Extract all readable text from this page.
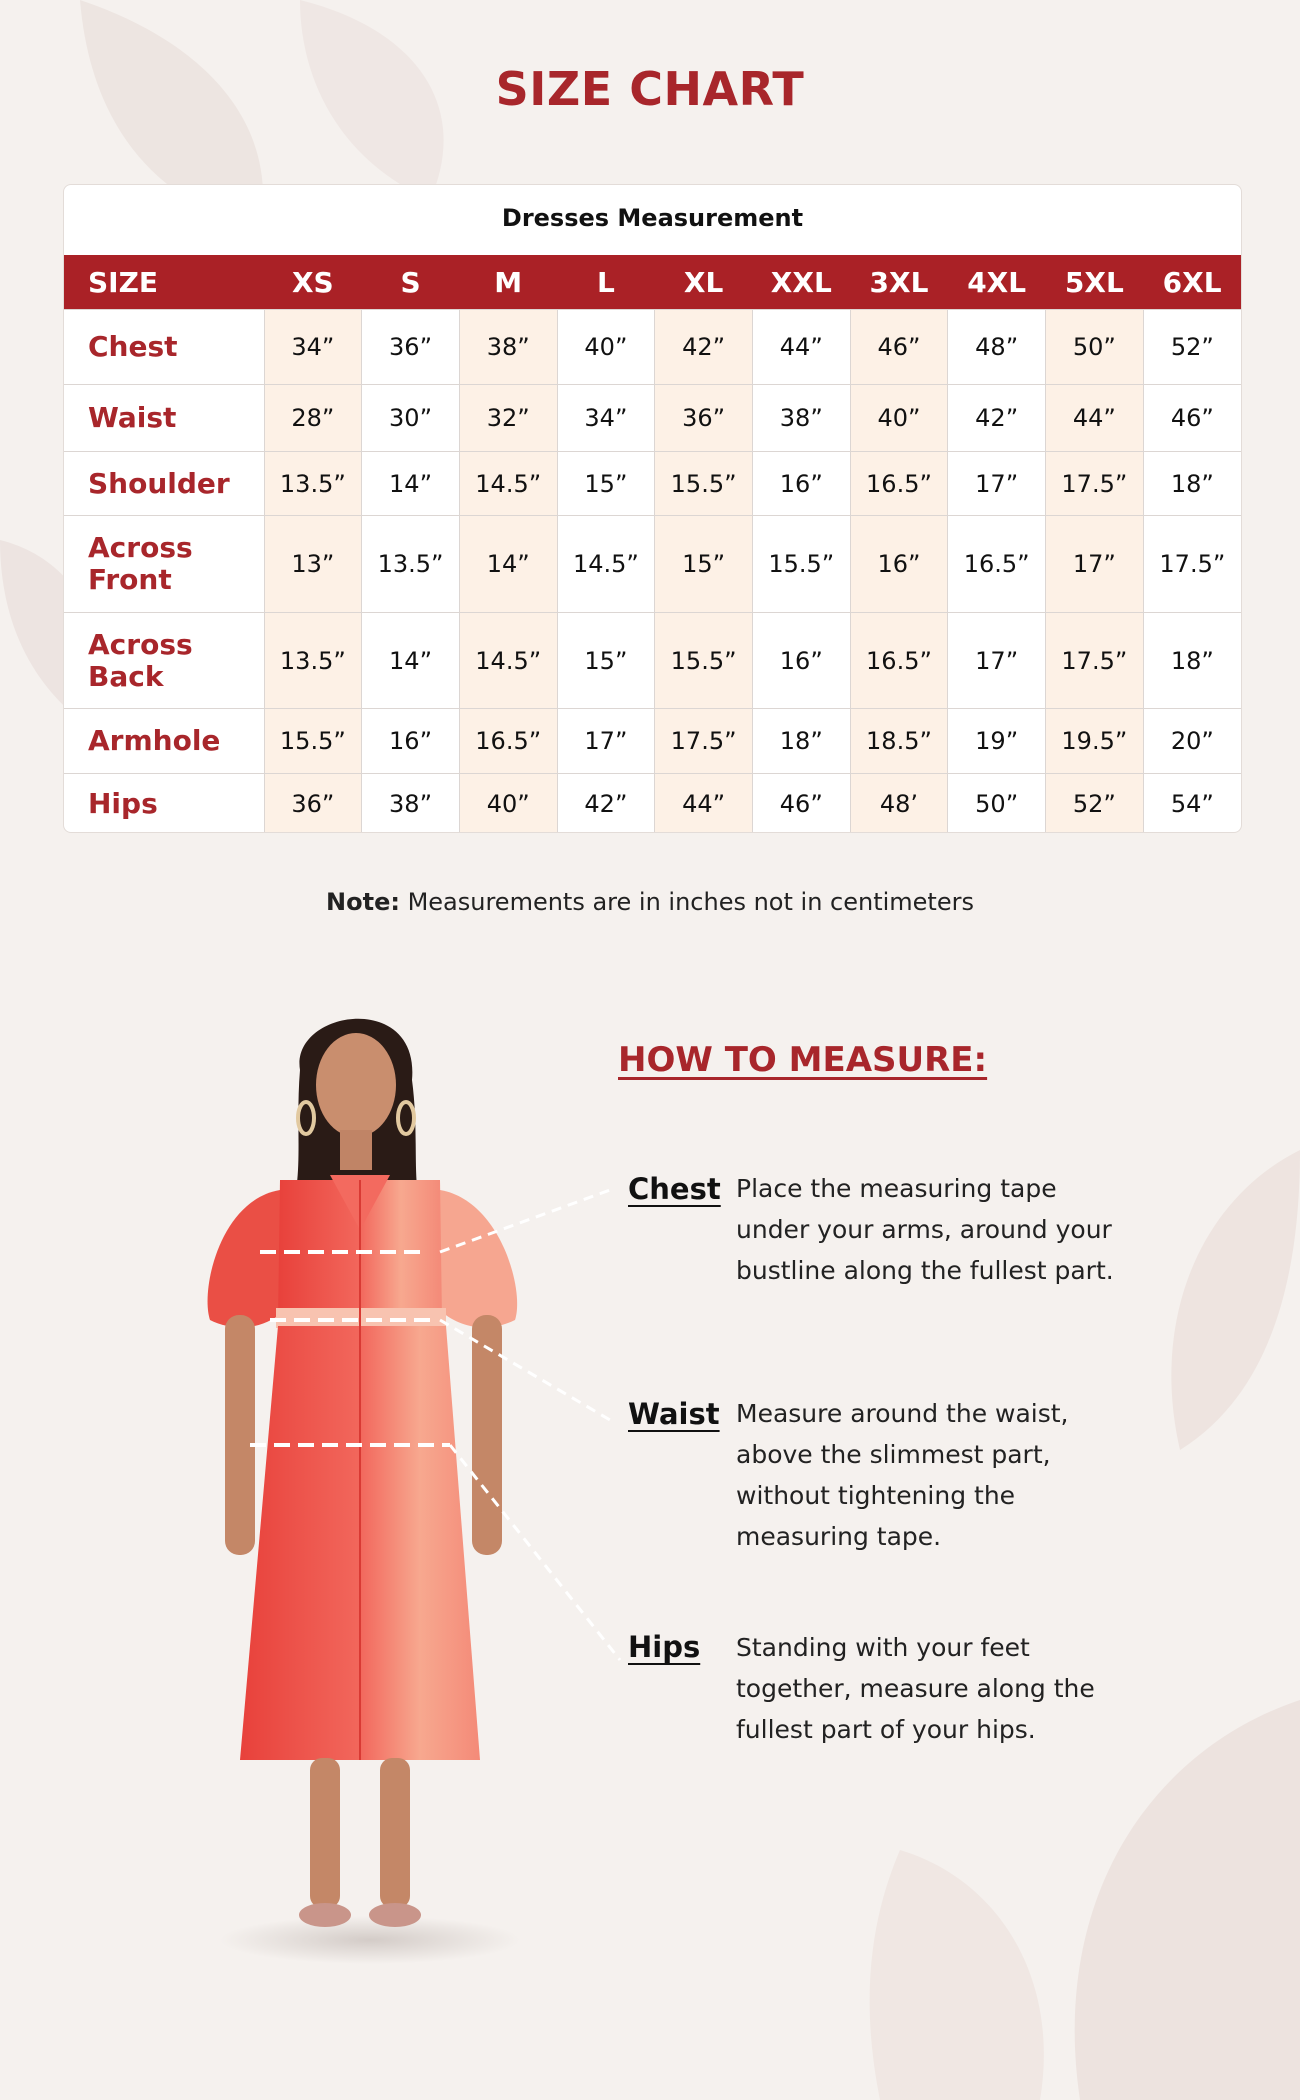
SIZE CHART
Dresses Measurement
SIZE	XS	S	M	L	XL	XXL	3XL	4XL	5XL	6XL
Chest	34”	36”	38”	40”	42”	44”	46”	48”	50”	52”
Waist	28”	30”	32”	34”	36”	38”	40”	42”	44”	46”
Shoulder	13.5”	14”	14.5”	15”	15.5”	16”	16.5”	17”	17.5”	18”

Across
Front	13”	13.5”	14”	14.5”	15”	15.5”	16”	16.5”	17”	17.5”

Across
Back	13.5”	14”	14.5”	15”	15.5”	16”	16.5”	17”	17.5”	18”
Armhole	15.5”	16”	16.5”	17”	17.5”	18”	18.5”	19”	19.5”	20”
Hips	36”	38”	40”	42”	44”	46”	48’	50”	52”	54”
Note: Measurements are in inches not in centimeters
HOW TO MEASURE:
Chest Place the measuring tape
under your arms, around your
bustline along the fullest part.
Waist Measure around the waist,
above the slimmest part,
without tightening the
measuring tape.
Hips Standing with your feet
together, measure along the
fullest part of your hips.
